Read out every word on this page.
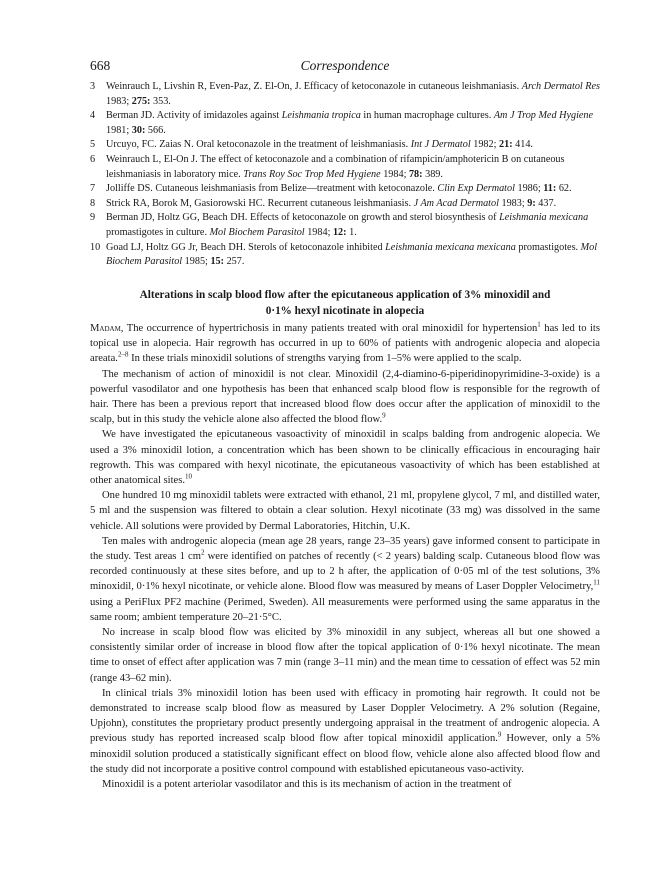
668	Correspondence
3 Weinrauch L, Livshin R, Even-Paz, Z. El-On, J. Efficacy of ketoconazole in cutaneous leishmaniasis. Arch Dermatol Res 1983; 275: 353.
4 Berman JD. Activity of imidazoles against Leishmania tropica in human macrophage cultures. Am J Trop Med Hygiene 1981; 30: 566.
5 Urcuyo, FC. Zaias N. Oral ketoconazole in the treatment of leishmaniasis. Int J Dermatol 1982; 21: 414.
6 Weinrauch L, El-On J. The effect of ketoconazole and a combination of rifampicin/amphotericin B on cutaneous leishmaniasis in laboratory mice. Trans Roy Soc Trop Med Hygiene 1984; 78: 389.
7 Jolliffe DS. Cutaneous leishmaniasis from Belize—treatment with ketoconazole. Clin Exp Dermatol 1986; 11: 62.
8 Strick RA, Borok M, Gasiorowski HC. Recurrent cutaneous leishmaniasis. J Am Acad Dermatol 1983; 9: 437.
9 Berman JD, Holtz GG, Beach DH. Effects of ketoconazole on growth and sterol biosynthesis of Leishmania mexicana promastigotes in culture. Mol Biochem Parasitol 1984; 12: 1.
10 Goad LJ, Holtz GG Jr, Beach DH. Sterols of ketoconazole inhibited Leishmania mexicana mexicana promastigotes. Mol Biochem Parasitol 1985; 15: 257.
Alterations in scalp blood flow after the epicutaneous application of 3% minoxidil and
0·1% hexyl nicotinate in alopecia

Madam, The occurrence of hypertrichosis in many patients treated with oral minoxidil for hypertension$^1$ has led to its topical use in alopecia. Hair regrowth has occurred in up to 60% of patients with androgenic alopecia and alopecia areata.$^{2-8}$ In these trials minoxidil solutions of strengths varying from 1–5% were applied to the scalp.

The mechanism of action of minoxidil is not clear. Minoxidil (2,4-diamino-6-piperidinopyrimidine-3-oxide) is a powerful vasodilator and one hypothesis has been that enhanced scalp blood flow is responsible for the regrowth of hair. There has been a previous report that increased blood flow does occur after the application of minoxidil to the scalp, but in this study the vehicle alone also affected the blood flow.$^9$

We have investigated the epicutaneous vasoactivity of minoxidil in scalps balding from androgenic alopecia. We used a 3% minoxidil lotion, a concentration which has been shown to be clinically efficacious in encouraging hair regrowth. This was compared with hexyl nicotinate, the epicutaneous vasoactivity of which has been established at other anatomical sites.$^{10}$

One hundred 10 mg minoxidil tablets were extracted with ethanol, 21 ml, propylene glycol, 7 ml, and distilled water, 5 ml and the suspension was filtered to obtain a clear solution. Hexyl nicotinate (33 mg) was dissolved in the same vehicle. All solutions were provided by Dermal Laboratories, Hitchin, U.K.

Ten males with androgenic alopecia (mean age 28 years, range 23–35 years) gave informed consent to participate in the study. Test areas 1 $cm^2$ were identified on patches of recently (< 2 years) balding scalp. Cutaneous blood flow was recorded continuously at these sites before, and up to 2 h after, the application of 0·05 ml of the test solutions, 3% minoxidil, 0·1% hexyl nicotinate, or vehicle alone. Blood flow was measured by means of Laser Doppler Velocimetry,$^{11}$ using a PeriFlux PF2 machine (Perimed, Sweden). All measurements were performed using the same apparatus in the same room; ambient temperature 20–21·5°C.

No increase in scalp blood flow was elicited by 3% minoxidil in any subject, whereas all but one showed a consistently similar order of increase in blood flow after the topical application of 0·1% hexyl nicotinate. The mean time to onset of effect after application was 7 min (range 3–11 min) and the mean time to cessation of effect was 52 min (range 43–62 min).

In clinical trials 3% minoxidil lotion has been used with efficacy in promoting hair regrowth. It could not be demonstrated to increase scalp blood flow as measured by Laser Doppler Velocimetry. A 2% solution (Regaine, Upjohn), constitutes the proprietary product presently undergoing appraisal in the treatment of androgenic alopecia. A previous study has reported increased scalp blood flow after topical minoxidil application.$^9$ However, only a 5% minoxidil solution produced a statistically significant effect on blood flow, vehicle alone also affected blood flow and the study did not incorporate a positive control compound with established epicutaneous vaso-activity.

Minoxidil is a potent arteriolar vasodilator and this is its mechanism of action in the treatment of
